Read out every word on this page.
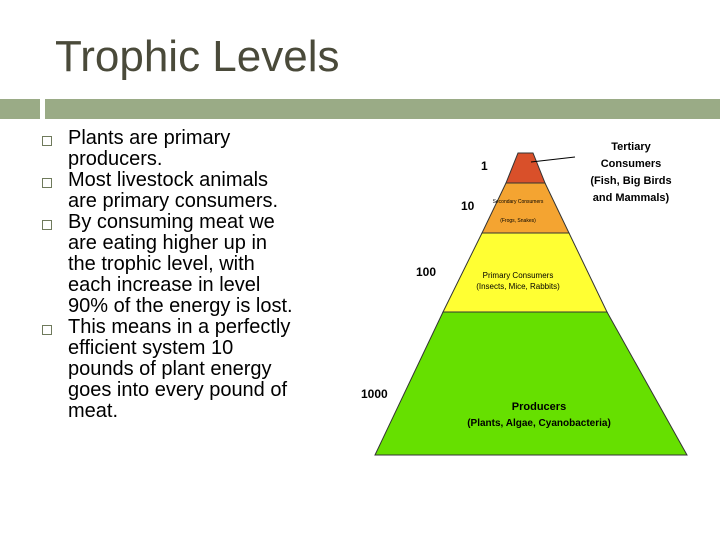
Trophic Levels
Plants are primary producers.
Most livestock animals are primary consumers.
By consuming meat we are eating higher up in the trophic level, with each increase in level 90% of the energy is lost.
This means in a perfectly efficient system 10 pounds of plant energy goes into every pound of meat.
1
10
100
1000
Secondary Consumers
(Frogs, Snakes)
Primary Consumers
(Insects, Mice, Rabbits)
Producers
(Plants, Algae, Cyanobacteria)
Tertiary
Consumers
(Fish, Big Birds
and Mammals)
